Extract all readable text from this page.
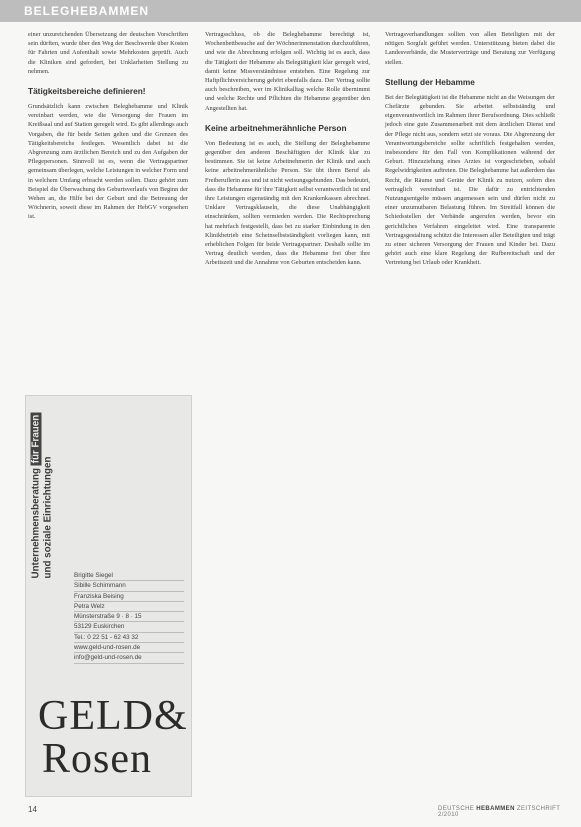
BELEGHEBAMMEN

einer unzureichenden Übersetzung der deutschen Vorschriften sein dürften, wurde über den Weg der Beschwerde über Kosten für Fahrten und Aufenthalt sowie Mehrkosten geprüft. Auch die Kliniken sind gefordert, bei Unklarheiten Stellung zu nehmen.

Tätigkeitsbereiche definieren!

Grundsätzlich kann zwischen Beleghebamme und Klinik vereinbart werden, wie die Versorgung der Frauen im Kreißsaal und auf Station geregelt wird. Es gibt allerdings auch Vorgaben, die für beide Seiten gelten und die Grenzen des Tätigkeitsbereichs festlegen. Wesentlich dabei ist die Abgrenzung zum ärztlichen Bereich und zu den Aufgaben der Pflegepersonen. Sinnvoll ist es, wenn die Vertragspartner gemeinsam überlegen, welche Leistungen in welcher Form und in welchem Umfang erbracht werden sollen. Dazu gehört zum Beispiel die Überwachung des Geburtsverlaufs von Beginn der Wehen an, die Hilfe bei der Geburt und die Betreuung der Wöchnerin, soweit diese im Rahmen der HebGV vorgesehen ist.

Unternehmensberatung für Frauen
und soziale Einrichtungen	Brigitte Siegel
Sibille Schimmann
Franziska Beising
Petra Welz
Münsterstraße 9 · 8 · 15
53129 Euskirchen
Tel.: 0 22 51 - 62 43 32
www.geld-und-rosen.de
info@geld-und-rosen.de
GELD&
Rosen

Vertragsschluss, ob die Beleghebamme berechtigt ist, Wochenbettbesuche auf der Wöchnerinnenstation durchzuführen, und wie die Abrechnung erfolgen soll. Wichtig ist es auch, dass die Tätigkeit der Hebamme als Belegtätigkeit klar geregelt wird, damit keine Missverständnisse entstehen. Eine Regelung zur Haftpflichtversicherung gehört ebenfalls dazu. Der Vertrag sollte auch beschreiben, wer im Klinikalltag welche Rolle übernimmt und welche Rechte und Pflichten die Hebamme gegenüber den Angestellten hat.

Keine arbeitnehmerähnliche Person

Von Bedeutung ist es auch, die Stellung der Beleghebamme gegenüber den anderen Beschäftigten der Klinik klar zu bestimmen. Sie ist keine Arbeitnehmerin der Klinik und auch keine arbeitnehmerähnliche Person. Sie übt ihren Beruf als Freiberuflerin aus und ist nicht weisungsgebunden. Das bedeutet, dass die Hebamme für ihre Tätigkeit selbst verantwortlich ist und ihre Leistungen eigenständig mit den Krankenkassen abrechnet. Unklare Vertragsklauseln, die diese Unabhängigkeit einschränken, sollten vermieden werden. Die Rechtsprechung hat mehrfach festgestellt, dass bei zu starker Einbindung in den Klinikbetrieb eine Scheinselbstständigkeit vorliegen kann, mit erheblichen Folgen für beide Vertragspartner. Deshalb sollte im Vertrag deutlich werden, dass die Hebamme frei über ihre Arbeitszeit und die Annahme von Geburten entscheiden kann.

Vertragsverhandlungen sollten von allen Beteiligten mit der nötigen Sorgfalt geführt werden. Unterstützung bieten dabei die Landesverbände, die Musterverträge und Beratung zur Verfügung stellen.

Stellung der Hebamme

Bei der Belegtätigkeit ist die Hebamme nicht an die Weisungen der Chefärzte gebunden. Sie arbeitet selbstständig und eigenverantwortlich im Rahmen ihrer Berufsordnung. Dies schließt jedoch eine gute Zusammenarbeit mit dem ärztlichen Dienst und der Pflege nicht aus, sondern setzt sie voraus. Die Abgrenzung der Verantwortungsbereiche sollte schriftlich festgehalten werden, insbesondere für den Fall von Komplikationen während der Geburt. Hinzuziehung eines Arztes ist vorgeschrieben, sobald Regelwidrigkeiten auftreten. Die Beleghebamme hat außerdem das Recht, die Räume und Geräte der Klinik zu nutzen, sofern dies vertraglich vereinbart ist. Die dafür zu entrichtenden Nutzungsentgelte müssen angemessen sein und dürfen nicht zu einer unzumutbaren Belastung führen. Im Streitfall können die Schiedsstellen der Verbände angerufen werden, bevor ein gerichtliches Verfahren eingeleitet wird. Eine transparente Vertragsgestaltung schützt die Interessen aller Beteiligten und trägt zu einer sicheren Versorgung der Frauen und Kinder bei. Dazu gehört auch eine klare Regelung der Rufbereitschaft und der Vertretung bei Urlaub oder Krankheit.

14	DEUTSCHE HEBAMMEN ZEITSCHRIFT 2/2010
